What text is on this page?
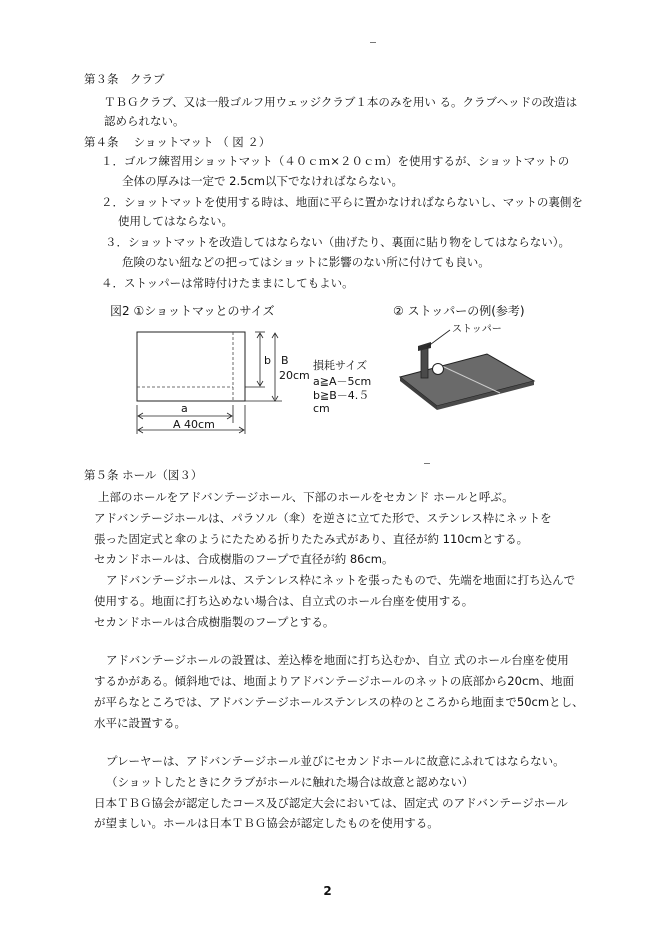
第３条　クラブ
ＴＢＧクラブ、又は一般ゴルフ用ウェッジクラブ１本のみを用い る。クラブヘッドの改造は
認められない。
第４条　 ショットマット （ 図 ２）
１．ゴルフ練習用ショットマット（４０ｃｍ×２０ｃｍ）を使用するが、ショットマットの
全体の厚みは一定で 2.5cm以下でなければならない。
２．ショットマットを使用する時は、地面に平らに置かなければならないし、マットの裏側を
使用してはならない。
３．ショットマットを改造してはならない（曲げたり、裏面に貼り物をしてはならない）。
危険のない紐などの把ってはショットに影響のない所に付けても良い。
４．ストッパーは常時付けたままにしてもよい。
図2 ①ショットマッとのサイズ
b B
20cm
a
A 40cm
損耗サイズ
a≧A－5cm
b≧B－4.５
cm
② ストッパーの例(参考)
ストッパー
第５条 ホール（図３）
上部のホールをアドバンテージホール、下部のホールをセカンド ホールと呼ぶ。
アドバンテージホールは、パラソル（傘）を逆さに立てた形で、ステンレス枠にネットを
張った固定式と傘のようにたためる折りたたみ式があり、直径が約 110cmとする。
セカンドホールは、合成樹脂のフープで直径が約 86cm。
アドバンテージホールは、ステンレス枠にネットを張ったもので、先端を地面に打ち込んで
使用する。地面に打ち込めない場合は、自立式のホール台座を使用する。
セカンドホールは合成樹脂製のフープとする。
アドバンテージホールの設置は、差込棒を地面に打ち込むか、自立 式のホール台座を使用
するかがある。傾斜地では、地面よりアドバンテージホールのネットの底部から20cm、地面
が平らなところでは、アドバンテージホールステンレスの枠のところから地面まで50cmとし、
水平に設置する。
プレーヤーは、アドバンテージホール並びにセカンドホールに故意にふれてはならない。
（ショットしたときにクラブがホールに触れた場合は故意と認めない）
日本ＴＢＧ協会が認定したコース及び認定大会においては、固定式 のアドバンテージホール
が望ましい。ホールは日本ＴＢＧ協会が認定したものを使用する。
2
